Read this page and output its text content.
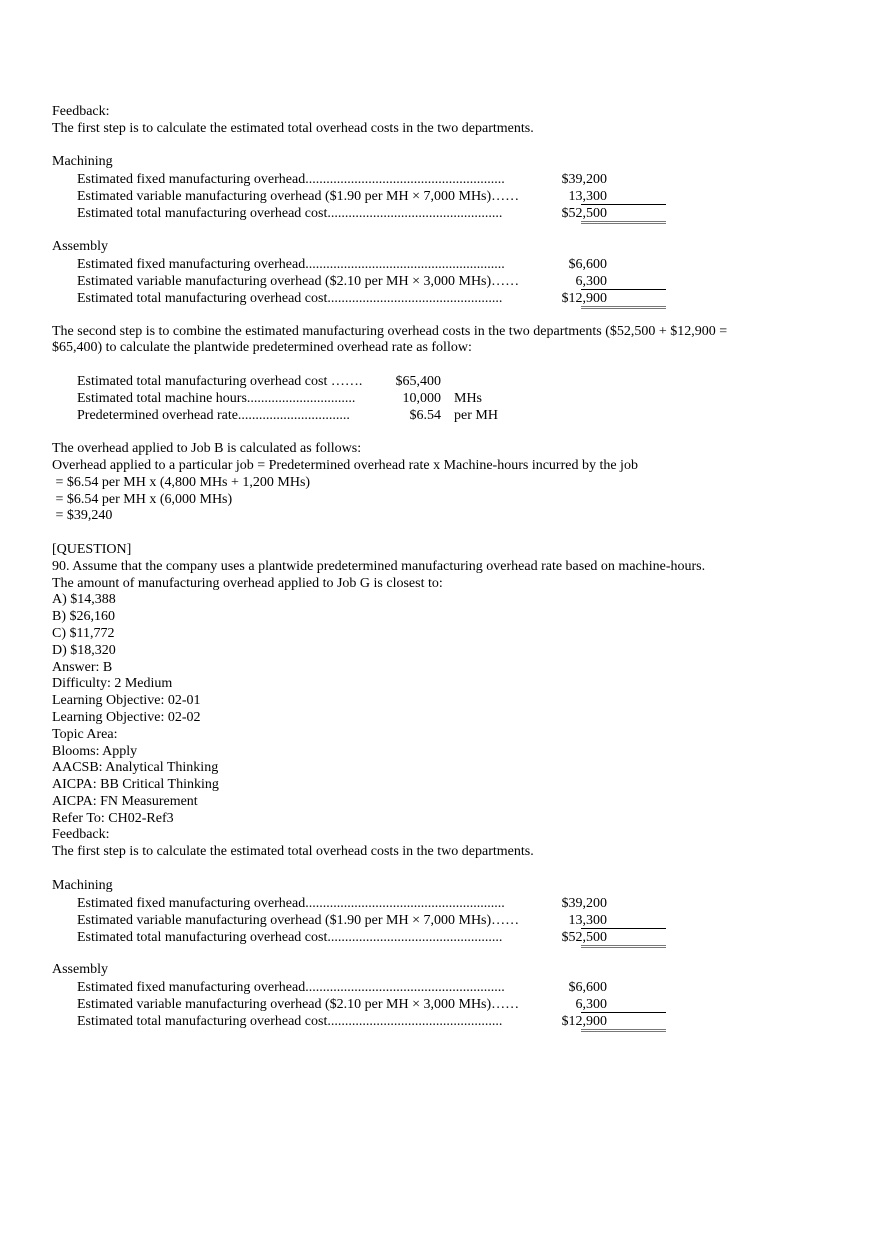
Feedback:
The first step is to calculate the estimated total overhead costs in the two departments.
Machining
Estimated fixed manufacturing overhead.........................................................	$39,200
Estimated variable manufacturing overhead ($1.90 per MH × 7,000 MHs)……	13,300
Estimated total manufacturing overhead cost..................................................	$52,500
Assembly
Estimated fixed manufacturing overhead.........................................................	$6,600
Estimated variable manufacturing overhead ($2.10 per MH × 3,000 MHs)……	6,300
Estimated total manufacturing overhead cost..................................................	$12,900
The second step is to combine the estimated manufacturing overhead costs in the two departments ($52,500 + $12,900 = $65,400) to calculate the plantwide predetermined overhead rate as follow:
Estimated total manufacturing overhead cost …….	$65,400
Estimated total machine hours...............................	10,000 MHs
Predetermined overhead rate................................	$6.54 per MH
The overhead applied to Job B is calculated as follows:
Overhead applied to a particular job = Predetermined overhead rate x Machine-hours incurred by the job
= $6.54 per MH x (4,800 MHs + 1,200 MHs)
= $6.54 per MH x (6,000 MHs)
= $39,240
[QUESTION]
90. Assume that the company uses a plantwide predetermined manufacturing overhead rate based on machine-hours.
The amount of manufacturing overhead applied to Job G is closest to:
A) $14,388
B) $26,160
C) $11,772
D) $18,320
Answer: B
Difficulty: 2 Medium
Learning Objective: 02-01
Learning Objective: 02-02
Topic Area:
Blooms: Apply
AACSB: Analytical Thinking
AICPA: BB Critical Thinking
AICPA: FN Measurement
Refer To: CH02-Ref3
Feedback:
The first step is to calculate the estimated total overhead costs in the two departments.
Machining
Estimated fixed manufacturing overhead.........................................................	$39,200
Estimated variable manufacturing overhead ($1.90 per MH × 7,000 MHs)……	13,300
Estimated total manufacturing overhead cost..................................................	$52,500
Assembly
Estimated fixed manufacturing overhead.........................................................	$6,600
Estimated variable manufacturing overhead ($2.10 per MH × 3,000 MHs)……	6,300
Estimated total manufacturing overhead cost..................................................	$12,900
